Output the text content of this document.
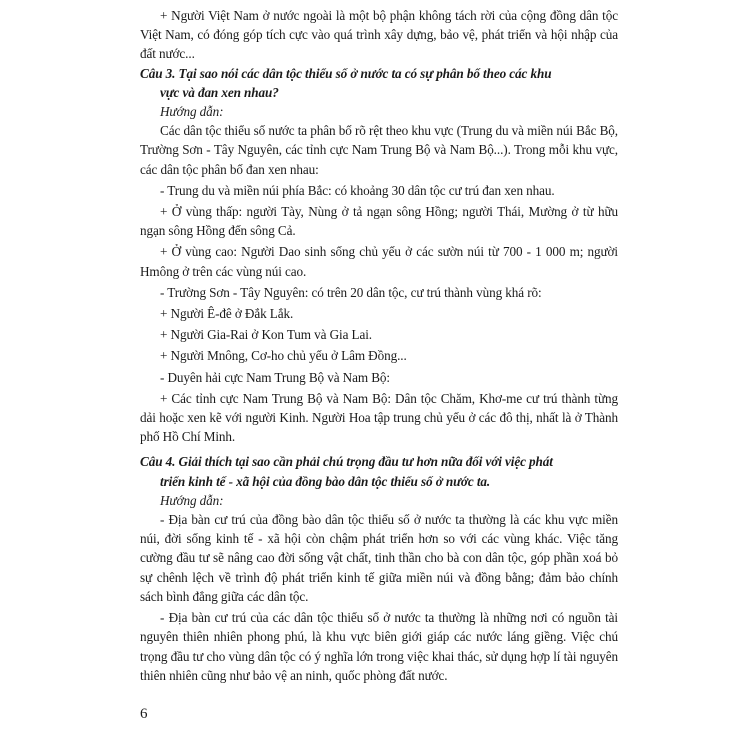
+ Người Việt Nam ở nước ngoài là một bộ phận không tách rời của cộng đồng dân tộc Việt Nam, có đóng góp tích cực vào quá trình xây dựng, bảo vệ, phát triển và hội nhập của đất nước...

Câu 3. Tại sao nói các dân tộc thiểu số ở nước ta có sự phân bố theo các khu
vực và đan xen nhau?

Hướng dẫn:

Các dân tộc thiểu số nước ta phân bố rõ rệt theo khu vực (Trung du và miền núi Bắc Bộ, Trường Sơn - Tây Nguyên, các tỉnh cực Nam Trung Bộ và Nam Bộ...). Trong mỗi khu vực, các dân tộc phân bố đan xen nhau:

- Trung du và miền núi phía Bắc: có khoảng 30 dân tộc cư trú đan xen nhau.

+ Ở vùng thấp: người Tày, Nùng ở tả ngạn sông Hồng; người Thái, Mường ở từ hữu ngạn sông Hồng đến sông Cả.

+ Ở vùng cao: Người Dao sinh sống chủ yếu ở các sườn núi từ 700 - 1 000 m; người Hmông ở trên các vùng núi cao.

- Trường Sơn - Tây Nguyên: có trên 20 dân tộc, cư trú thành vùng khá rõ:

+ Người Ê-đê ở Đắk Lắk.

+ Người Gia-Rai ở Kon Tum và Gia Lai.

+ Người Mnông, Cơ-ho chủ yếu ở Lâm Đồng...

- Duyên hải cực Nam Trung Bộ và Nam Bộ:

+ Các tỉnh cực Nam Trung Bộ và Nam Bộ: Dân tộc Chăm, Khơ-me cư trú thành từng dải hoặc xen kẽ với người Kinh. Người Hoa tập trung chủ yếu ở các đô thị, nhất là ở Thành phố Hồ Chí Minh.

Câu 4. Giải thích tại sao cần phải chú trọng đầu tư hơn nữa đối với việc phát
triển kinh tế - xã hội của đồng bào dân tộc thiểu số ở nước ta.

Hướng dẫn:

- Địa bàn cư trú của đồng bào dân tộc thiểu số ở nước ta thường là các khu vực miền núi, đời sống kinh tế - xã hội còn chậm phát triển hơn so với các vùng khác. Việc tăng cường đầu tư sẽ nâng cao đời sống vật chất, tinh thần cho bà con dân tộc, góp phần xoá bỏ sự chênh lệch về trình độ phát triển kinh tế giữa miền núi và đồng bằng; đảm bảo chính sách bình đẳng giữa các dân tộc.

- Địa bàn cư trú của các dân tộc thiểu số ở nước ta thường là những nơi có nguồn tài nguyên thiên nhiên phong phú, là khu vực biên giới giáp các nước láng giềng. Việc chú trọng đầu tư cho vùng dân tộc có ý nghĩa lớn trong việc khai thác, sử dụng hợp lí tài nguyên thiên nhiên cũng như bảo vệ an ninh, quốc phòng đất nước.

6
